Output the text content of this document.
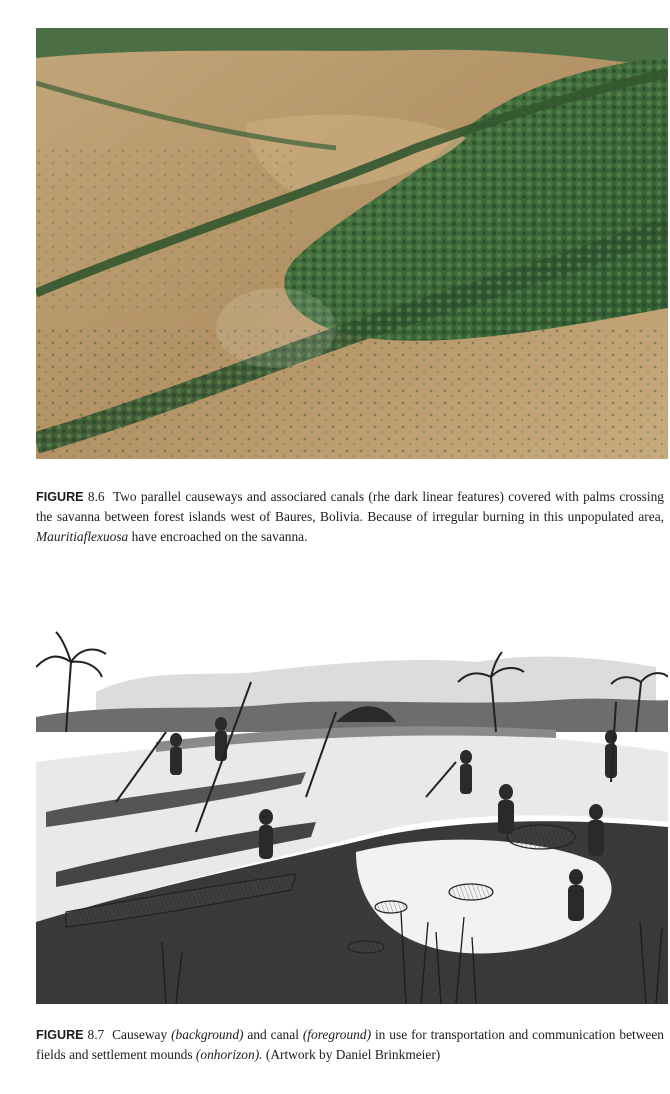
FIGURE 8.6 Two parallel causeways and associared canals (rhe dark linear features) covered with palms crossing the savanna between forest islands west of Baures, Bolivia. Because of irregular burning in this unpopulated area, Mauritiaflexuosa have encroached on the savanna.

FIGURE 8.7 Causeway (background) and canal (foreground) in use for transportation and communication between fields and settlement mounds (onhorizon). (Artwork by Daniel Brinkmeier)
